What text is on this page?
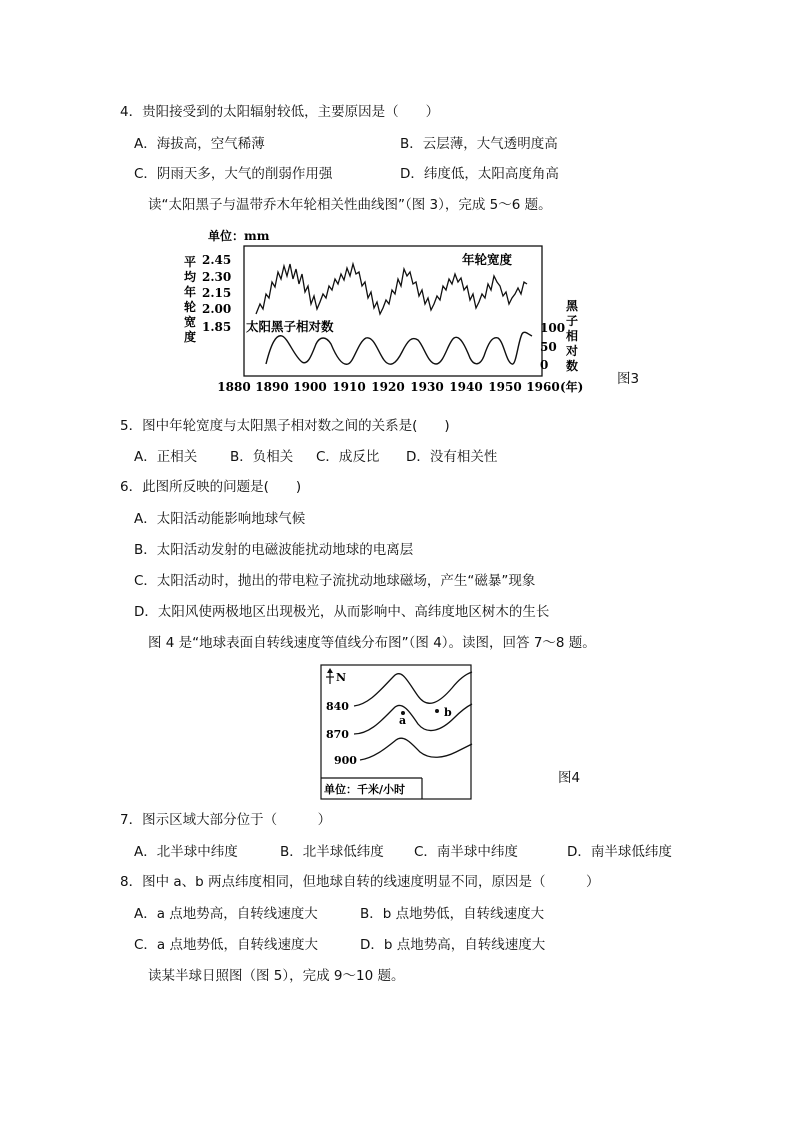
4．贵阳接受到的太阳辐射较低，主要原因是（　　）
A．海拔高，空气稀薄	B．云层薄，大气透明度高
C．阴雨天多，大气的削弱作用强	D．纬度低，太阳高度角高
读“太阳黑子与温带乔木年轮相关性曲线图”（图 3），完成 5～6 题。
单位：mm
平
均
年
轮
宽
度
2.45
2.30
2.15
2.00
1.85
年轮宽度
太阳黑子相对数	100
50
0
黑
子
相
对
数
1880 1890 1900 1910 1920 1930 1940 1950 1960 (年) 图3
5．图中年轮宽度与太阳黑子相对数之间的关系是(　　)
A．正相关 B．负相关 C．成反比 D．没有相关性
6．此图所反映的问题是(　　)
A．太阳活动能影响地球气候
B．太阳活动发射的电磁波能扰动地球的电离层
C．太阳活动时，抛出的带电粒子流扰动地球磁场，产生“磁暴”现象
D．太阳风使两极地区出现极光，从而影响中、高纬度地区树木的生长
图 4 是“地球表面自转线速度等值线分布图”（图 4）。读图，回答 7～8 题。
N
840
870
900
a
b
单位：千米/小时
图4
7．图示区域大部分位于（　　　）
A．北半球中纬度	B．北半球低纬度 C．南半球中纬度	D．南半球低纬度
8．图中 a、b 两点纬度相同，但地球自转的线速度明显不同，原因是（　　　）
A．a 点地势高，自转线速度大	B．b 点地势低，自转线速度大
C．a 点地势低，自转线速度大	D．b 点地势高，自转线速度大
读某半球日照图（图 5），完成 9～10 题。
